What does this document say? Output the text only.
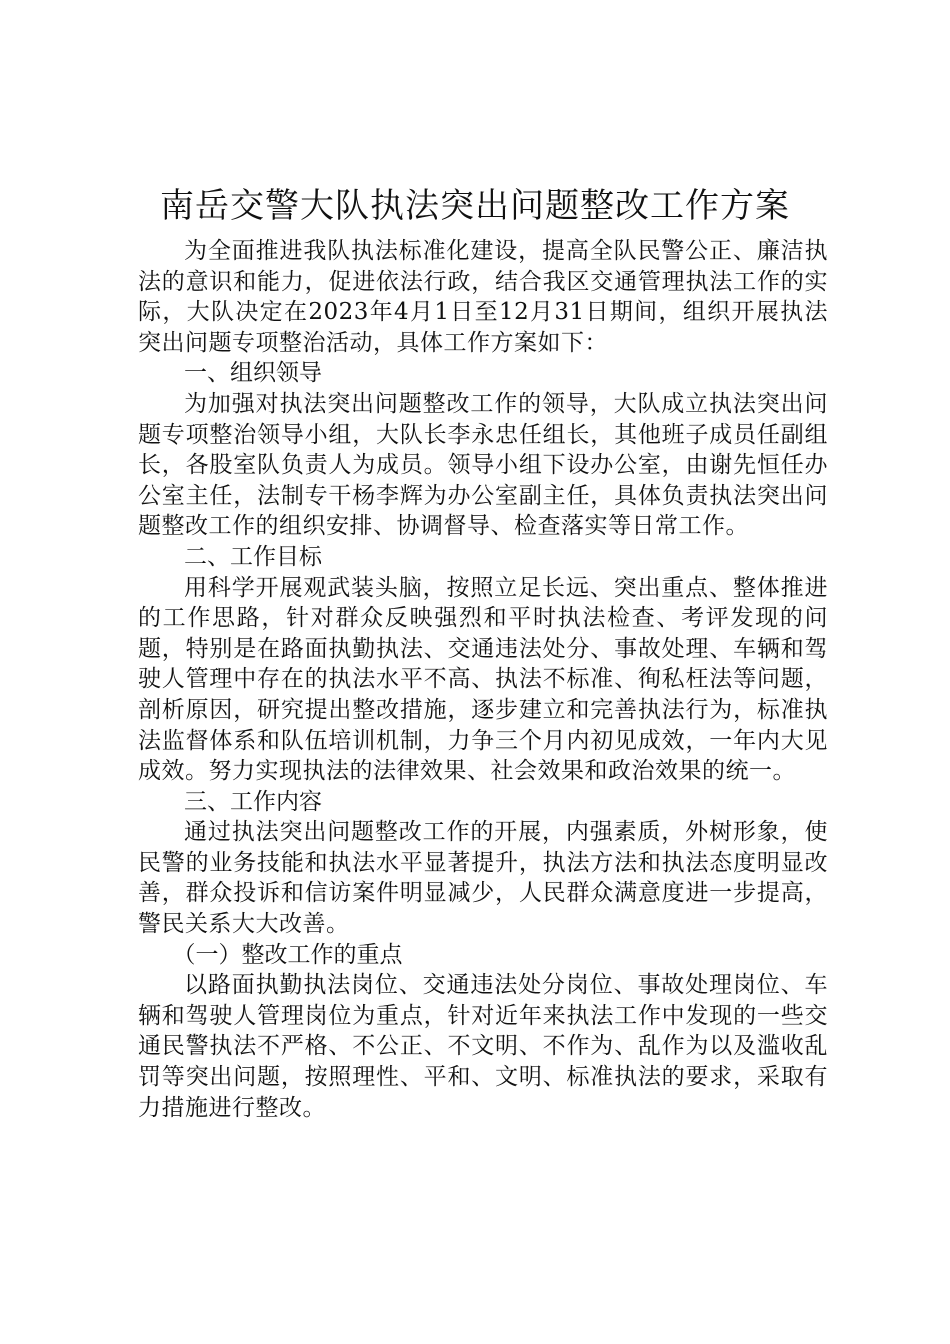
南岳交警大队执法突出问题整改工作方案

为全面推进我队执法标准化建设，提高全队民警公正、廉洁执法的意识和能力，促进依法行政，结合我区交通管理执法工作的实际，大队决定在2023年4月1日至12月31日期间，组织开展执法突出问题专项整治活动，具体工作方案如下：

一、组织领导

为加强对执法突出问题整改工作的领导，大队成立执法突出问题专项整治领导小组，大队长李永忠任组长，其他班子成员任副组长，各股室队负责人为成员。领导小组下设办公室，由谢先恒任办公室主任，法制专干杨李辉为办公室副主任，具体负责执法突出问题整改工作的组织安排、协调督导、检查落实等日常工作。

二、工作目标

用科学开展观武装头脑，按照立足长远、突出重点、整体推进的工作思路，针对群众反映强烈和平时执法检查、考评发现的问题，特别是在路面执勤执法、交通违法处分、事故处理、车辆和驾驶人管理中存在的执法水平不高、执法不标准、徇私枉法等问题，剖析原因，研究提出整改措施，逐步建立和完善执法行为，标准执法监督体系和队伍培训机制，力争三个月内初见成效，一年内大见成效。努力实现执法的法律效果、社会效果和政治效果的统一。

三、工作内容

通过执法突出问题整改工作的开展，内强素质，外树形象，使民警的业务技能和执法水平显著提升，执法方法和执法态度明显改善，群众投诉和信访案件明显减少，人民群众满意度进一步提高，警民关系大大改善。

（一）整改工作的重点

以路面执勤执法岗位、交通违法处分岗位、事故处理岗位、车辆和驾驶人管理岗位为重点，针对近年来执法工作中发现的一些交通民警执法不严格、不公正、不文明、不作为、乱作为以及滥收乱罚等突出问题，按照理性、平和、文明、标准执法的要求，采取有力措施进行整改。
